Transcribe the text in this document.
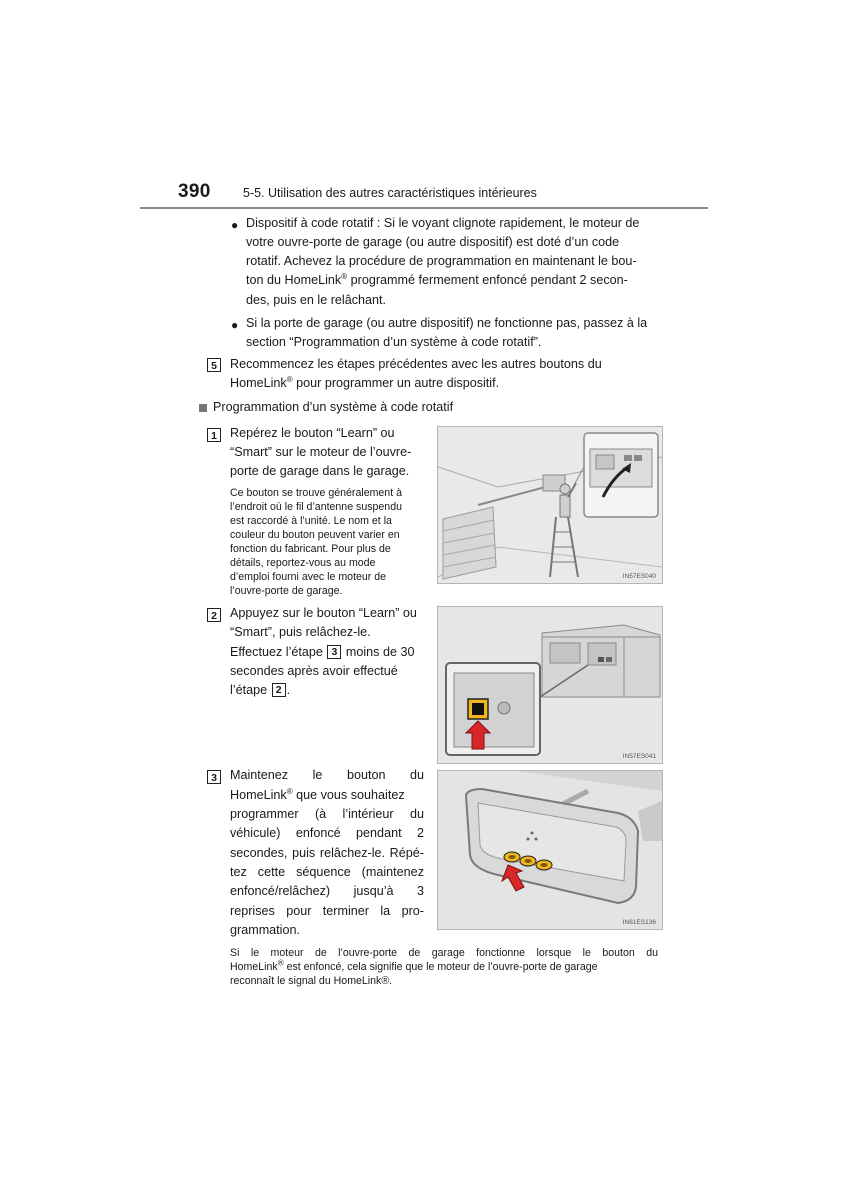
390	5-5. Utilisation des autres caractéristiques intérieures
● Dispositif à code rotatif : Si le voyant clignote rapidement, le moteur de

votre ouvre-porte de garage (ou autre dispositif) est doté d’un code

rotatif. Achevez la procédure de programmation en maintenant le bou-

ton du HomeLink® programmé fermement enfoncé pendant 2 secon-

des, puis en le relâchant.

● Si la porte de garage (ou autre dispositif) ne fonctionne pas, passez à la

section “Programmation d’un système à code rotatif”.

5	Recommencez les étapes précédentes avec les autres boutons du

HomeLink® pour programmer un autre dispositif.

Programmation d’un système à code rotatif
1	Repérez le bouton “Learn” ou

“Smart” sur le moteur de l’ouvre-

porte de garage dans le garage.

Ce bouton se trouve généralement à

l’endroit où le fil d’antenne suspendu

est raccordé à l’unité. Le nom et la

couleur du bouton peuvent varier en

fonction du fabricant. Pour plus de

détails, reportez-vous au mode

d’emploi fourni avec le moteur de

l’ouvre-porte de garage.

IN57ES040
2	Appuyez sur le bouton “Learn” ou

“Smart”, puis relâchez-le.

Effectuez l’étape 3 moins de 30

secondes après avoir effectué

l’étape 2 .

IN57ES041
3	Maintenez le bouton du

HomeLink® que vous souhaitez

programmer (à l’intérieur du

véhicule) enfoncé pendant 2

secondes, puis relâchez-le. Répé-

tez cette séquence (maintenez

enfoncé/relâchez) jusqu’à 3

reprises pour terminer la pro-

grammation.

IN61ES136

Si le moteur de l’ouvre-porte de garage fonctionne lorsque le bouton du

HomeLink® est enfoncé, cela signifie que le moteur de l’ouvre-porte de garage

reconnaît le signal du HomeLink®.
